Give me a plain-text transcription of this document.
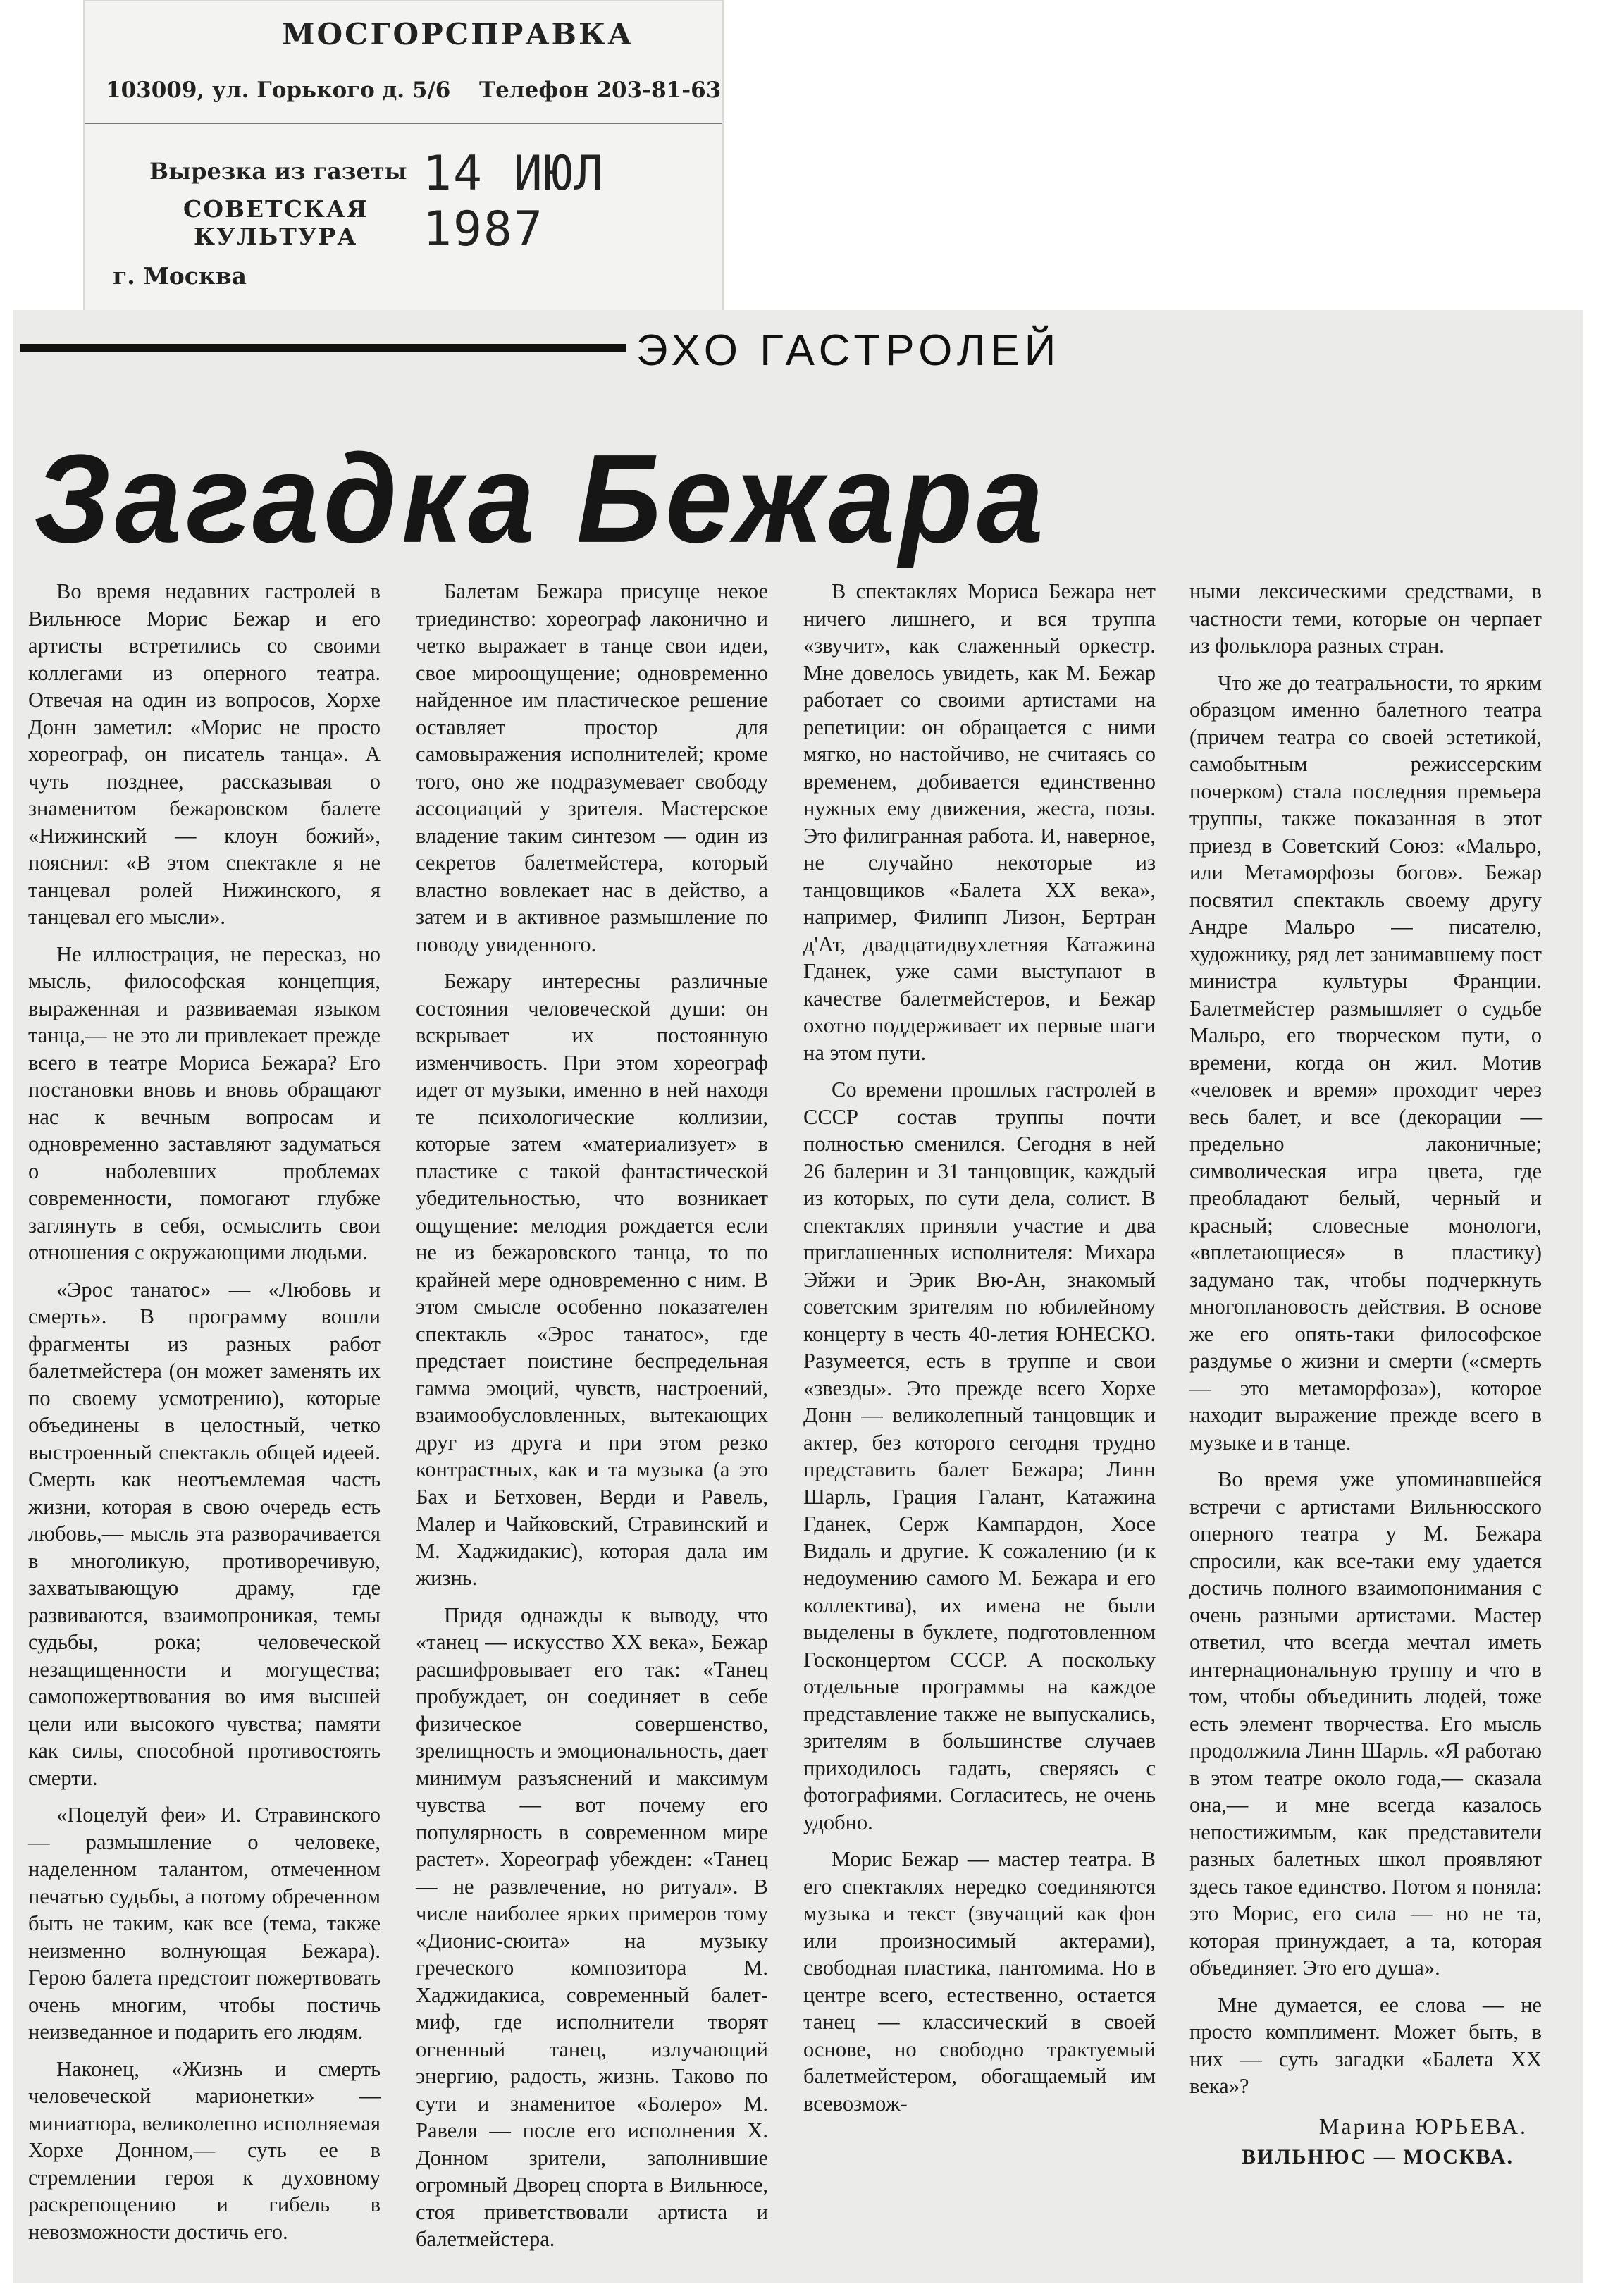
МОСГОРСПРАВКА
103009, ул. Горького д. 5/6 Телефон 203-81-63
Вырезка из газеты 14 ИЮЛ 1987
СОВЕТСКАЯ
КУЛЬТУРА
г. Москва
ЭХО ГАСТРОЛЕЙ
Загадка Бежара

Во время недавних гастролей в Вильнюсе Морис Бежар и его артисты встретились со своими коллегами из оперного театра. Отвечая на один из вопросов, Хорхе Донн заметил: «Морис не просто хореограф, он писатель танца». А чуть позднее, рассказывая о знаменитом бежаровском балете «Нижинский — клоун божий», пояснил: «В этом спектакле я не танцевал ролей Нижинского, я танцевал его мысли».

Не иллюстрация, не пересказ, но мысль, философская концепция, выраженная и развиваемая языком танца,— не это ли привлекает прежде всего в театре Мориса Бежара? Его постановки вновь и вновь обращают нас к вечным вопросам и одновременно заставляют задуматься о наболевших проблемах современности, помогают глубже заглянуть в себя, осмыслить свои отношения с окружающими людьми.

«Эрос танатос» — «Любовь и смерть». В программу вошли фрагменты из разных работ балетмейстера (он может заменять их по своему усмотрению), которые объединены в целостный, четко выстроенный спектакль общей идеей. Смерть как неотъемлемая часть жизни, которая в свою очередь есть любовь,— мысль эта разворачивается в многоликую, противоречивую, захватывающую драму, где развиваются, взаимопроникая, темы судьбы, рока; человеческой незащищенности и могущества; самопожертвования во имя высшей цели или высокого чувства; памяти как силы, способной противостоять смерти.

«Поцелуй феи» И. Стравинского — размышление о человеке, наделенном талантом, отмеченном печатью судьбы, а потому обреченном быть не таким, как все (тема, также неизменно волнующая Бежара). Герою балета предстоит пожертвовать очень многим, чтобы постичь неизведанное и подарить его людям.

Наконец, «Жизнь и смерть человеческой марионетки» — миниатюра, великолепно исполняемая Хорхе Донном,— суть ее в стремлении героя к духовному раскрепощению и гибель в невозможности достичь его.

Балетам Бежара присуще некое триединство: хореограф лаконично и четко выражает в танце свои идеи, свое мироощущение; одновременно найденное им пластическое решение оставляет простор для самовыражения исполнителей; кроме того, оно же подразумевает свободу ассоциаций у зрителя. Мастерское владение таким синтезом — один из секретов балетмейстера, который властно вовлекает нас в действо, а затем и в активное размышление по поводу увиденного.

Бежару интересны различные состояния человеческой души: он вскрывает их постоянную изменчивость. При этом хореограф идет от музыки, именно в ней находя те психологические коллизии, которые затем «материализует» в пластике с такой фантастической убедительностью, что возникает ощущение: мелодия рождается если не из бежаровского танца, то по крайней мере одновременно с ним. В этом смысле особенно показателен спектакль «Эрос танатос», где предстает поистине беспредельная гамма эмоций, чувств, настроений, взаимообусловленных, вытекающих друг из друга и при этом резко контрастных, как и та музыка (а это Бах и Бетховен, Верди и Равель, Малер и Чайковский, Стравинский и М. Хаджидакис), которая дала им жизнь.

Придя однажды к выводу, что «танец — искусство XX века», Бежар расшифровывает его так: «Танец пробуждает, он соединяет в себе физическое совершенство, зрелищность и эмоциональность, дает минимум разъяснений и максимум чувства — вот почему его популярность в современном мире растет». Хореограф убежден: «Танец — не развлечение, но ритуал». В числе наиболее ярких примеров тому «Дионис-сюита» на музыку греческого композитора М. Хаджидакиса, современный балет-миф, где исполнители творят огненный танец, излучающий энергию, радость, жизнь. Таково по сути и знаменитое «Болеро» М. Равеля — после его исполнения Х. Донном зрители, заполнившие огромный Дворец спорта в Вильнюсе, стоя приветствовали артиста и балетмейстера.

В спектаклях Мориса Бежара нет ничего лишнего, и вся труппа «звучит», как слаженный оркестр. Мне довелось увидеть, как М. Бежар работает со своими артистами на репетиции: он обращается с ними мягко, но настойчиво, не считаясь со временем, добивается единственно нужных ему движения, жеста, позы. Это филигранная работа. И, наверное, не случайно некоторые из танцовщиков «Балета XX века», например, Филипп Лизон, Бертран д'Ат, двадцатидвухлетняя Катажина Гданек, уже сами выступают в качестве балетмейстеров, и Бежар охотно поддерживает их первые шаги на этом пути.

Со времени прошлых гастролей в СССР состав труппы почти полностью сменился. Сегодня в ней 26 балерин и 31 танцовщик, каждый из которых, по сути дела, солист. В спектаклях приняли участие и два приглашенных исполнителя: Михара Эйжи и Эрик Вю-Ан, знакомый советским зрителям по юбилейному концерту в честь 40-летия ЮНЕСКО. Разумеется, есть в труппе и свои «звезды». Это прежде всего Хорхе Донн — великолепный танцовщик и актер, без которого сегодня трудно представить балет Бежара; Линн Шарль, Грация Галант, Катажина Гданек, Серж Кампардон, Хосе Видаль и другие. К сожалению (и к недоумению самого М. Бежара и его коллектива), их имена не были выделены в буклете, подготовленном Госконцертом СССР. А поскольку отдельные программы на каждое представление также не выпускались, зрителям в большинстве случаев приходилось гадать, сверяясь с фотографиями. Согласитесь, не очень удобно.

Морис Бежар — мастер театра. В его спектаклях нередко соединяются музыка и текст (звучащий как фон или произносимый актерами), свободная пластика, пантомима. Но в центре всего, естественно, остается танец — классический в своей основе, но свободно трактуемый балетмейстером, обогащаемый им всевозмож-

ными лексическими средствами, в частности теми, которые он черпает из фольклора разных стран.

Что же до театральности, то ярким образцом именно балетного театра (причем театра со своей эстетикой, самобытным режиссерским почерком) стала последняя премьера труппы, также показанная в этот приезд в Советский Союз: «Мальро, или Метаморфозы богов». Бежар посвятил спектакль своему другу Андре Мальро — писателю, художнику, ряд лет занимавшему пост министра культуры Франции. Балетмейстер размышляет о судьбе Мальро, его творческом пути, о времени, когда он жил. Мотив «человек и время» проходит через весь балет, и все (декорации — предельно лаконичные; символическая игра цвета, где преобладают белый, черный и красный; словесные монологи, «вплетающиеся» в пластику) задумано так, чтобы подчеркнуть многоплановость действия. В основе же его опять-таки философское раздумье о жизни и смерти («смерть — это метаморфоза»), которое находит выражение прежде всего в музыке и в танце.

Во время уже упоминавшейся встречи с артистами Вильнюсского оперного театра у М. Бежара спросили, как все-таки ему удается достичь полного взаимопонимания с очень разными артистами. Мастер ответил, что всегда мечтал иметь интернациональную труппу и что в том, чтобы объединить людей, тоже есть элемент творчества. Его мысль продолжила Линн Шарль. «Я работаю в этом театре около года,— сказала она,— и мне всегда казалось непостижимым, как представители разных балетных школ проявляют здесь такое единство. Потом я поняла: это Морис, его сила — но не та, которая принуждает, а та, которая объединяет. Это его душа».

Мне думается, ее слова — не просто комплимент. Может быть, в них — суть загадки «Балета XX века»?

Марина ЮРЬЕВА.
ВИЛЬНЮС — МОСКВА.
